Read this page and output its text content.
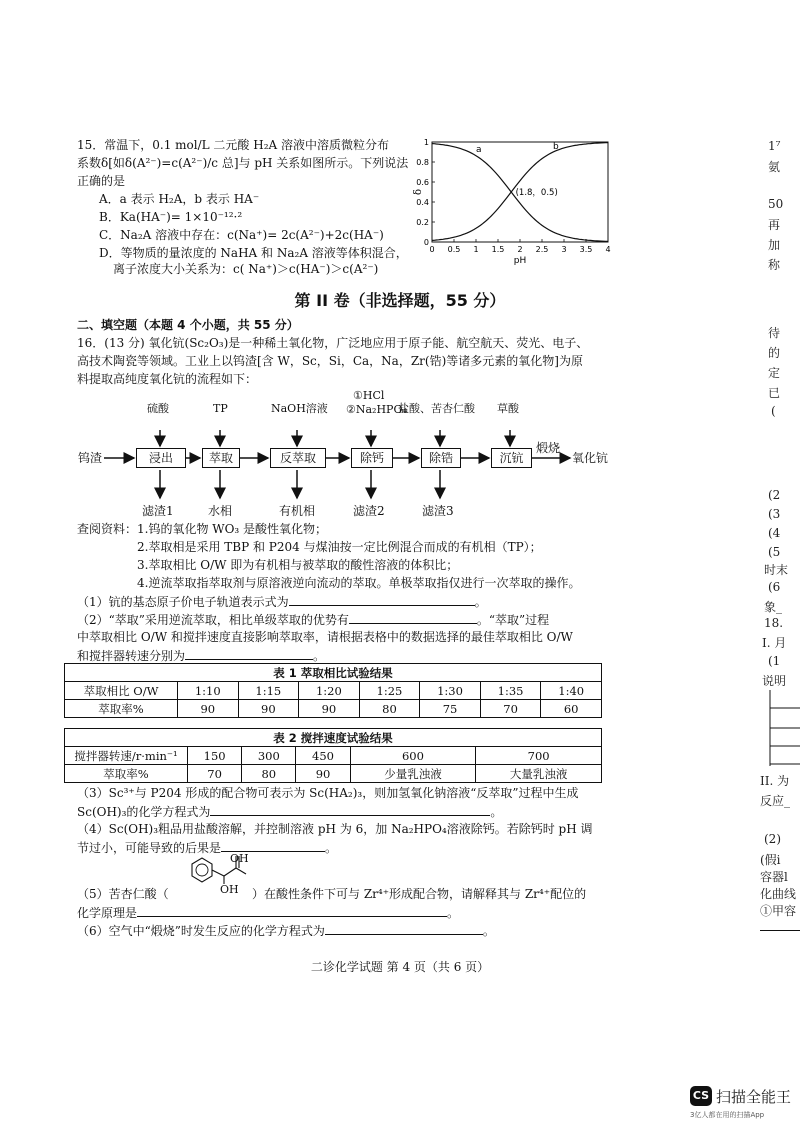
15．常温下，0.1 mol/L 二元酸 H₂A 溶液中溶质微粒分布
系数δ[如δ(A²⁻)=c(A²⁻)/c 总]与 pH 关系如图所示。下列说法
正确的是
A．a 表示 H₂A，b 表示 HA⁻
B．Ka(HA⁻)= 1×10⁻¹²·²
C．Na₂A 溶液中存在：c(Na⁺)= 2c(A²⁻)+2c(HA⁻)
D．等物质的量浓度的 NaHA 和 Na₂A 溶液等体积混合，
离子浓度大小关系为：c( Na⁺)＞c(HA⁻)＞c(A²⁻)
0 0.5 1 1.5 2 2.5 3 3.5 4
0
0.2
0.4
0.6
0.8
1
pH
δ
a	b
(1.8，0.5)
第 II 卷（非选择题，55 分）
二、填空题（本题 4 个小题，共 55 分）
16．(13 分) 氧化钪(Sc₂O₃)是一种稀土氧化物，广泛地应用于原子能、航空航天、荧光、电子、
高技术陶瓷等领域。工业上以钨渣[含 W，Sc，Si，Ca，Na，Zr(锆)等诸多元素的氧化物]为原
料提取高纯度氧化钪的流程如下：
钨渣
煅烧
氧化钪
浸出	萃取	反萃取	除钙	除锆	沉钪
硫酸	TP	NaOH溶液
①HCl
②Na₂HPO₄
盐酸、苦杏仁酸 草酸
滤渣1	水相	有机相	滤渣2	滤渣3
查阅资料：1.钨的氧化物 WO₃ 是酸性氧化物；
2.萃取相是采用 TBP 和 P204 与煤油按一定比例混合而成的有机相（TP）；
3.萃取相比 O/W 即为有机相与被萃取的酸性溶液的体积比；
4.逆流萃取指萃取剂与原溶液逆向流动的萃取。单极萃取指仅进行一次萃取的操作。
（1）钪的基态原子价电子轨道表示式为	。
（2）“萃取”采用逆流萃取，相比单级萃取的优势有	。“萃取”过程
中萃取相比 O/W 和搅拌速度直接影响萃取率，请根据表格中的数据选择的最佳萃取相比 O/W
和搅拌器转速分别为	。
表 1 萃取相比试验结果							
萃取相比 O/W	1:10	1:15	1:20	1:25	1:30	1:35	1:40
萃取率%	90	90	90	80	75	70	60
表 2 搅拌速度试验结果					
搅拌器转速/r·min⁻¹	150	300	450	600	700
萃取率%	70	80	90	少量乳浊液	大量乳浊液
（3）Sc³⁺与 P204 形成的配合物可表示为 Sc(HA₂)₃，则加氢氧化钠溶液“反萃取”过程中生成
Sc(OH)₃的化学方程式为	。
（4）Sc(OH)₃粗品用盐酸溶解，并控制溶液 pH 为 6，加 Na₂HPO₄溶液除钙。若除钙时 pH 调
节过小，可能导致的后果是	。
OH
OH
（5）苦杏仁酸（	）在酸性条件下可与 Zr⁴⁺形成配合物，请解释其与 Zr⁴⁺配位的
化学原理是	。
（6）空气中“煅烧”时发生反应的化学方程式为	。
二诊化学试题 第 4 页（共 6 页）
1⁷
氨
50
再
加
称
待
的
定
已
(
(2
(3
(4
(5
时末
(6
象_
18.
I. 月
(1
说明
II. 为
反应_
(2)
(假i
容器l
化曲线
①甲容
CS 扫描全能王
3亿人都在用的扫描App
